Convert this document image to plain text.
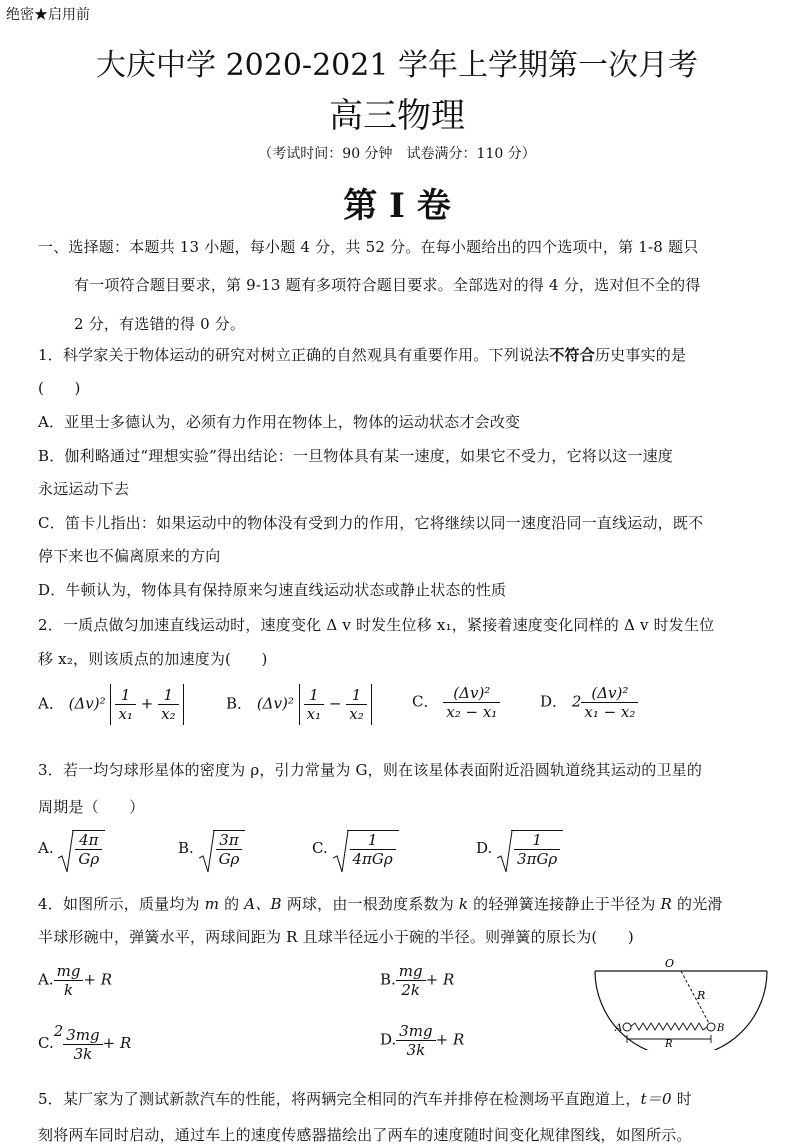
绝密★启用前
大庆中学 2020-2021 学年上学期第一次月考
高三物理
（考试时间：90 分钟　试卷满分：110 分）
第 I 卷
一、选择题：本题共 13 小题，每小题 4 分，共 52 分。在每小题给出的四个选项中，第 1-8 题只
有一项符合题目要求，第 9-13 题有多项符合题目要求。全部选对的得 4 分，选对但不全的得
2 分，有选错的得 0 分。
1．科学家关于物体运动的研究对树立正确的自然观具有重要作用。下列说法不符合历史事实的是
(　　)
A．亚里士多德认为，必须有力作用在物体上，物体的运动状态才会改变
B．伽利略通过“理想实验”得出结论：一旦物体具有某一速度，如果它不受力，它将以这一速度
永远运动下去
C．笛卡儿指出：如果运动中的物体没有受到力的作用，它将继续以同一速度沿同一直线运动，既不
停下来也不偏离原来的方向
D．牛顿认为，物体具有保持原来匀速直线运动状态或静止状态的性质
2．一质点做匀加速直线运动时，速度变化 Δ v 时发生位移 x₁，紧接着速度变化同样的 Δ v 时发生位
移 x₂，则该质点的加速度为(　　)
A． $(\Delta v)^2 \frac{1}{\text{x₁}} + \frac{1}{\text{x₂}}$	B． $(\Delta v)^2 \frac{1}{\text{x₁}} - \frac{1}{\text{x₂}}$	C． $\frac{\text{(Δv)²}}{\text{x₂ − x₁}}$	D． $2 \frac{\text{(Δv)²}}{\text{x₁ − x₂}}$
3．若一均匀球形星体的密度为 ρ，引力常量为 G，则在该星体表面附近沿圆轨道绕其运动的卫星的
周期是（　　）
A. $\frac{4\pi}{G\rho}$	B. $\frac{3\pi}{G\rho}$	C. $\frac{1}{\text{4πGρ}}$	D. $\frac{1}{\text{3πGρ}}$
4．如图所示，质量均为 m 的 A、B 两球，由一根劲度系数为 k 的轻弹簧连接静止于半径为 R 的光滑
半球形碗中，弹簧水平，两球间距为 R 且球半径远小于碗的半径。则弹簧的原长为(　　)
A. $\frac{mg}{k} + R$	B. $\frac{mg}{2k} + R$
$C.2 \frac{3mg}{3k} + R$	D. $\frac{3mg}{3k} + R$
O
R
A	B
R
5．某厂家为了测试新款汽车的性能，将两辆完全相同的汽车并排停在检测场平直跑道上，t＝0 时
刻将两车同时启动，通过车上的速度传感器描绘出了两车的速度随时间变化规律图线，如图所示。
